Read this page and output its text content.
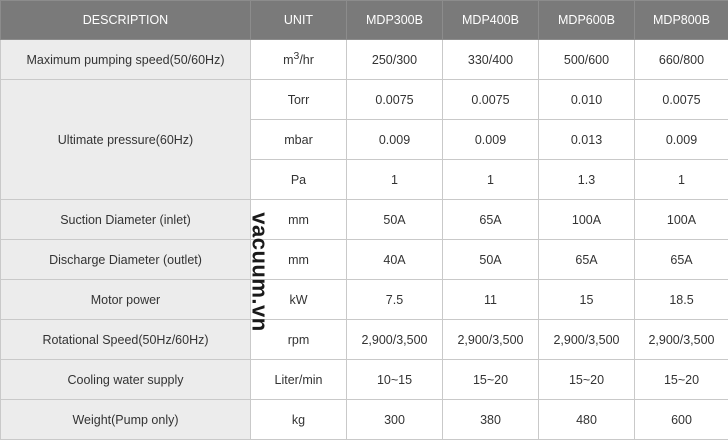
DESCRIPTION	UNIT	MDP300B	MDP400B	MDP600B	MDP800B
Maximum pumping speed(50/60Hz)	$m^3/hr$	250/300	330/400	500/600	660/800
Ultimate pressure(60Hz)	Torr	0.0075	0.0075	0.010	0.0075
	mbar	0.009	0.009	0.013	0.009
	Pa	1	1	1.3	1
Suction Diameter (inlet)	mm	50A	65A	100A	100A
Discharge Diameter (outlet)	mm	40A	50A	65A	65A
Motor power	kW	7.5	11	15	18.5
Rotational Speed(50Hz/60Hz)	rpm	2,900/3,500	2,900/3,500	2,900/3,500	2,900/3,500
Cooling water supply	Liter/min	10~15	15~20	15~20	15~20
Weight(Pump only)	kg	300	380	480	600
vacuum.vn
